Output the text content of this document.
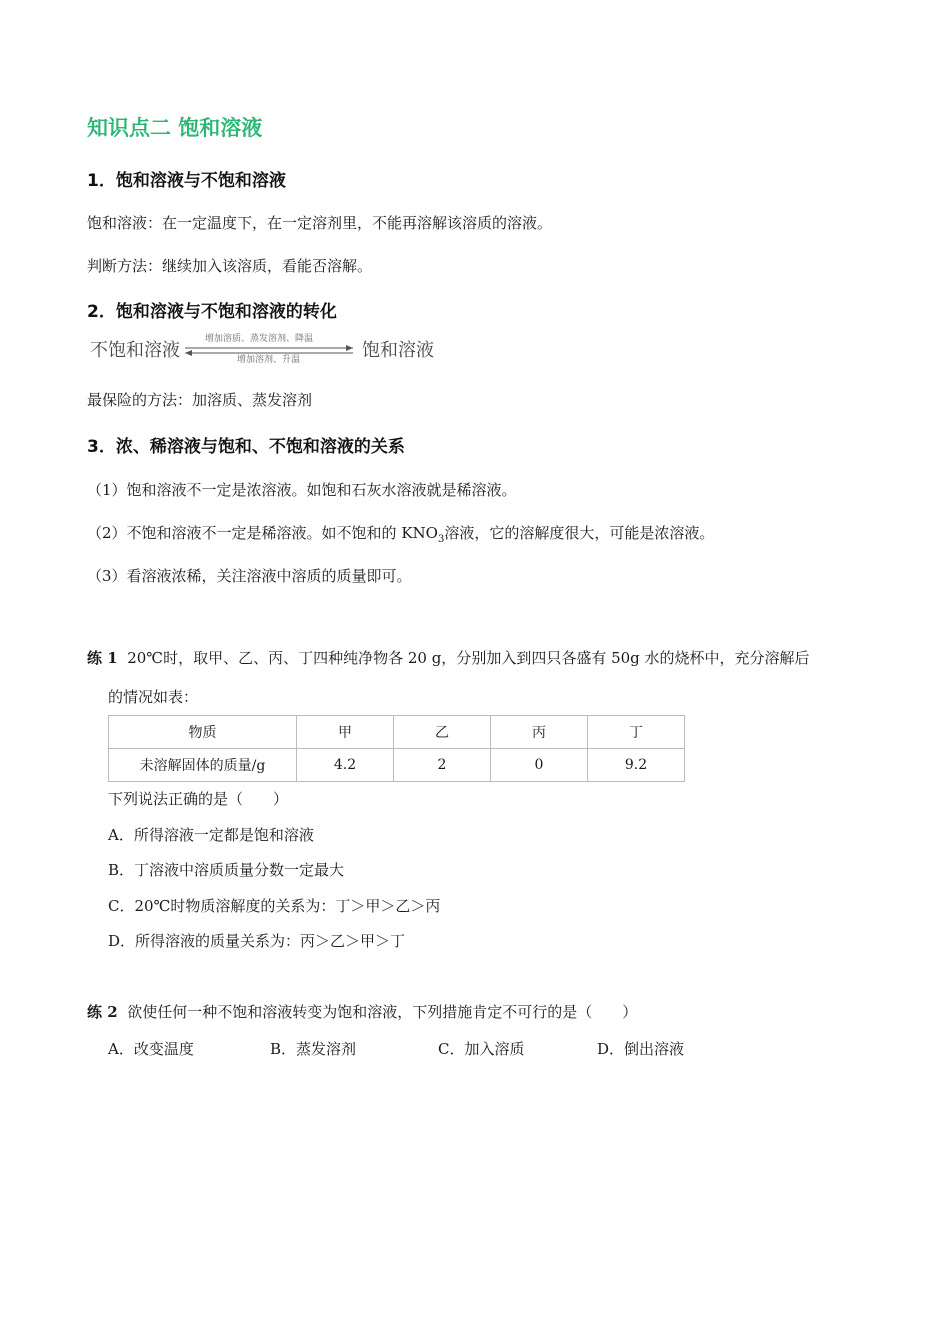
知识点二 饱和溶液
1．饱和溶液与不饱和溶液
饱和溶液：在一定温度下，在一定溶剂里，不能再溶解该溶质的溶液。
判断方法：继续加入该溶质，看能否溶解。
2．饱和溶液与不饱和溶液的转化
不饱和溶液
增加溶质、蒸发溶剂、降温
增加溶剂、升温	饱和溶液
最保险的方法：加溶质、蒸发溶剂
3．浓、稀溶液与饱和、不饱和溶液的关系
（1）饱和溶液不一定是浓溶液。如饱和石灰水溶液就是稀溶液。
（2）不饱和溶液不一定是稀溶液。如不饱和的 $KNO_3$溶液，它的溶解度很大，可能是浓溶液。
（3）看溶液浓稀，关注溶液中溶质的质量即可。
练 1 20℃时，取甲、乙、丙、丁四种纯净物各 20 g，分别加入到四只各盛有 50g 水的烧杯中，充分溶解后
的情况如表：
物质	甲	乙	丙	丁
未溶解固体的质量/g	4.2	2	0	9.2
下列说法正确的是（　　）
A．所得溶液一定都是饱和溶液
B．丁溶液中溶质质量分数一定最大
C．20℃时物质溶解度的关系为：丁＞甲＞乙＞丙
D．所得溶液的质量关系为：丙＞乙＞甲＞丁
练 2 欲使任何一种不饱和溶液转变为饱和溶液，下列措施肯定不可行的是（　　）
A．改变温度	B．蒸发溶剂	C．加入溶质	D．倒出溶液
